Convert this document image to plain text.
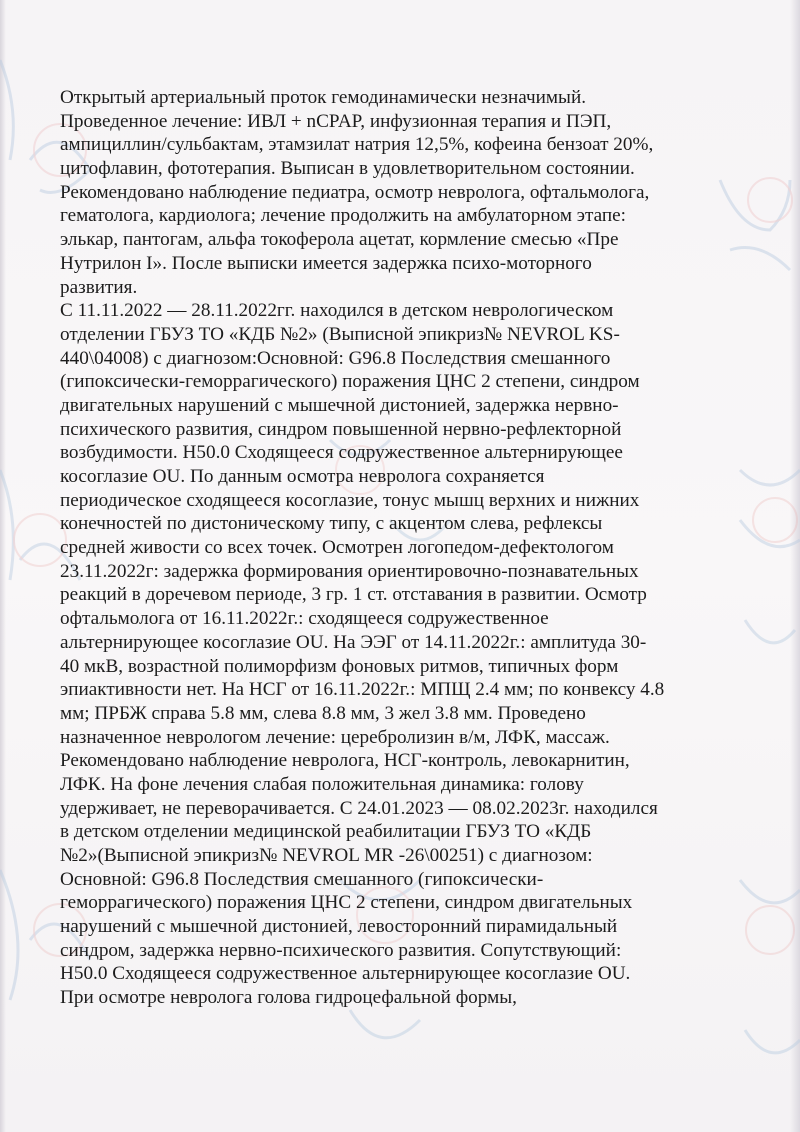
Открытый артериальный проток гемодинамически незначимый.
Проведенное лечение: ИВЛ + nCPAP, инфузионная терапия и ПЭП,
ампициллин/сульбактам, этамзилат натрия 12,5%, кофеина бензоат 20%,
цитофлавин, фототерапия. Выписан в удовлетворительном состоянии.
Рекомендовано наблюдение педиатра, осмотр невролога, офтальмолога,
гематолога, кардиолога; лечение продолжить на амбулаторном этапе:
элькар, пантогам, альфа токоферола ацетат, кормление смесью «Пре
Нутрилон I». После выписки имеется задержка психо-моторного
развития.
С 11.11.2022 — 28.11.2022гг. находился в детском неврологическом
отделении ГБУЗ ТО «КДБ №2» (Выписной эпикриз№ NEVROL KS-
440\04008) с диагнозом:Основной: G96.8 Последствия смешанного
(гипоксически-геморрагического) поражения ЦНС 2 степени, синдром
двигательных нарушений с мышечной дистонией, задержка нервно-
психического развития, синдром повышенной нервно-рефлекторной
возбудимости. H50.0 Сходящееся содружественное альтернирующее
косоглазие OU. По данным осмотра невролога сохраняется
периодическое сходящееся косоглазие, тонус мышц верхних и нижних
конечностей по дистоническому типу, с акцентом слева, рефлексы
средней живости со всех точек. Осмотрен логопедом-дефектологом
23.11.2022г: задержка формирования ориентировочно-познавательных
реакций в доречевом периоде, 3 гр. 1 ст. отставания в развитии. Осмотр
офтальмолога от 16.11.2022г.: сходящееся содружественное
альтернирующее косоглазие OU. На ЭЭГ от 14.11.2022г.: амплитуда 30-
40 мкВ, возрастной полиморфизм фоновых ритмов, типичных форм
эпиактивности нет. На НСГ от 16.11.2022г.: МПЩ 2.4 мм; по конвексу 4.8
мм; ПРБЖ справа 5.8 мм, слева 8.8 мм, 3 жел 3.8 мм. Проведено
назначенное неврологом лечение: церебролизин в/м, ЛФК, массаж.
Рекомендовано наблюдение невролога, НСГ-контроль, левокарнитин,
ЛФК. На фоне лечения слабая положительная динамика: голову
удерживает, не переворачивается. С 24.01.2023 — 08.02.2023г. находился
в детском отделении медицинской реабилитации ГБУЗ ТО «КДБ
№2»(Выписной эпикриз№ NEVROL MR -26\00251) с диагнозом:
Основной: G96.8 Последствия смешанного (гипоксически-
геморрагического) поражения ЦНС 2 степени, синдром двигательных
нарушений с мышечной дистонией, левосторонний пирамидальный
синдром, задержка нервно-психического развития. Сопутствующий:
H50.0 Сходящееся содружественное альтернирующее косоглазие OU.
При осмотре невролога голова гидроцефальной формы,
